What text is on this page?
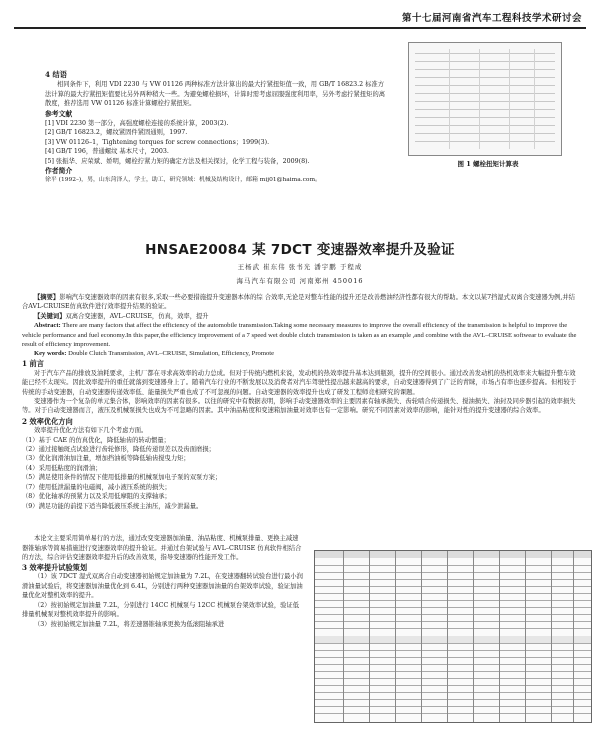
第十七届河南省汽车工程科技学术研讨会
4 结语

相同条件下，利用 VDI 2230 与 VW 01126 两种标准方法计算出的最大拧紧扭矩值一致，用 GB/T 16823.2 标准方法计算的最大拧紧扭矩值要比另外两种稍大一些。为避免螺栓损坏，计算时需考虑屈服强度利用率，另外考虑拧紧扭矩的离散度，推荐选用 VW 01126 标准计算螺栓拧紧扭矩。

参考文献

[1] VDI 2230 第一部分，高强度螺栓连接的系统计算，2003(2).

[2] GB/T 16823.2，螺纹紧固件紧固通则，1997.

[3] VW 01126–1，Tightening torques for screw connections；1999(3).

[4] GB/T 196，普通螺纹 基本尺寸，2003.

[5] 张振华、应荣斌、娇明，螺栓拧紧力矩的确定方法及相关探讨，化学工程与装备，2009(8).

作者简介

徐平 (1992–)，男，山东菏泽人，学士，助工，研究领域：机械及结构设计，邮箱 mij01@haima.com。

图 1 螺栓扭矩计算表
HNSAE20084 某 7DCT 变速器效率提升及验证
王杨武 崔东伟 张书光 潘宇鹏 于程成
海马汽车有限公司 河南郑州 450016

【摘要】影响汽车变速器效率的因素有很多,采取一些必要措施提升变速器本体的综 合效率,无论是对整车性能的提升还是改善燃油经济性都有很大的帮助。本文以某7挡湿式双离合变速器为例,并结合AVL-CRUISE仿真软件进行效率提升结果的验证。

【关键词】双离合变速器，AVL–CRUISE，仿真，效率，提升

Abstract: There are many factors that affect the efficiency of the automobile transmission.Taking some necessary measures to improve the overall efficiency of the transmission is helpful to improve the vehicle performance and fuel economy.In this paper,the efficiency improvement of a 7 speed wet double clutch transmission is taken as an example ,and combine with the AVL–CRUISE softwear to evaluate the result of efficiency improvement.

Key words: Double Clutch Transmission, AVL–CRUISE, Simulation, Efficiency, Promote

1 前言

对于汽车产品的排放及油耗要求，主机厂都在寻求高效率的动力总成。但对于传统内燃机来说，发动机的热效率提升基本达到瓶颈，提升的空间很小。通过改善发动机的热机效率来大幅提升整车效能已经不太现实。因此效率提升的重任就落到变速器身上了。随着汽车行业的不断发展以及消费者对汽车驾驶性提出越来越高的要求，自动变速器得到了广泛的青睐，市场占有率也逐步提高。但相较于传统的手动变速器，自动变速器传递效率低、能量损失严重也成了不可忽视的问题。自动变速器的效率提升也成了研发工程师竞相研究的课题。

变速器作为一个复杂的单元集合体，影响效率的因素有很多。以往的研究中有数据表明，影响手动变速器效率的主要因素有轴承损失、齿轮啮合传递损失、搅油损失、油封及同步器引起的效率损失等。对于自动变速器而言，液压及机械泵损失也成为不可忽略的因素。其中油品粘度和变速箱加油量对效率也有一定影响。研究不同因素对效率的影响，能针对性的提升变速器的综合效率。

2 效率优化方向

效率提升优化方法有如下几个考虑方面。

（1）基于 CAE 的仿真优化，降低轴齿的转动惯量；

（2）通过接触斑点试验进行齿轮修形，降低传递误差以及齿面磨损；

（3）优化润滑油加注量，增加挡油板等降低轴齿搅曳力矩；

（4）采用低粘度的润滑油；

（5）满足使用条件的情况下使用低排量的机械泵加电子泵的双泵方案；

（7）使用低泄漏量的电磁阀，减小液压系统的损失；

（8）优化轴承的预紧力以及采用低摩阻的支撑轴承；

（9）满足功能的前提下适当降低液压系统主油压，减少泄漏量。

本论文主要采用简单易行的方法，通过改变变速器加油量、油品粘度、机械泵排量、更换主减速器锥轴承等简易措施进行变速器效率的提升验证。并通过台架试验与 AVL–CRUISE 仿真软件相结合的方法，综合评估变速器效率提升后的改善效果，指导变速器的性能开发工作。

3 效率提升试验策划

（1）该 7DCT 湿式双离合自动变速器初始规定加油量为 7.2L，在变速器翻转试验台进行最小润滑油量试验后，将变速器加油量优化到 6.4L，分别进行两种变速器加油量的台架效率试验，验证加油量优化对整机效率的提升。

（2）按初始规定加油量 7.2L，分别进行 14CC 机械泵与 12CC 机械泵台架效率试验，验证低排量机械泵对整机效率提升的影响。

（3）按初始规定加油量 7.2L，将差速器锥轴承更换为低滚阻轴承进
